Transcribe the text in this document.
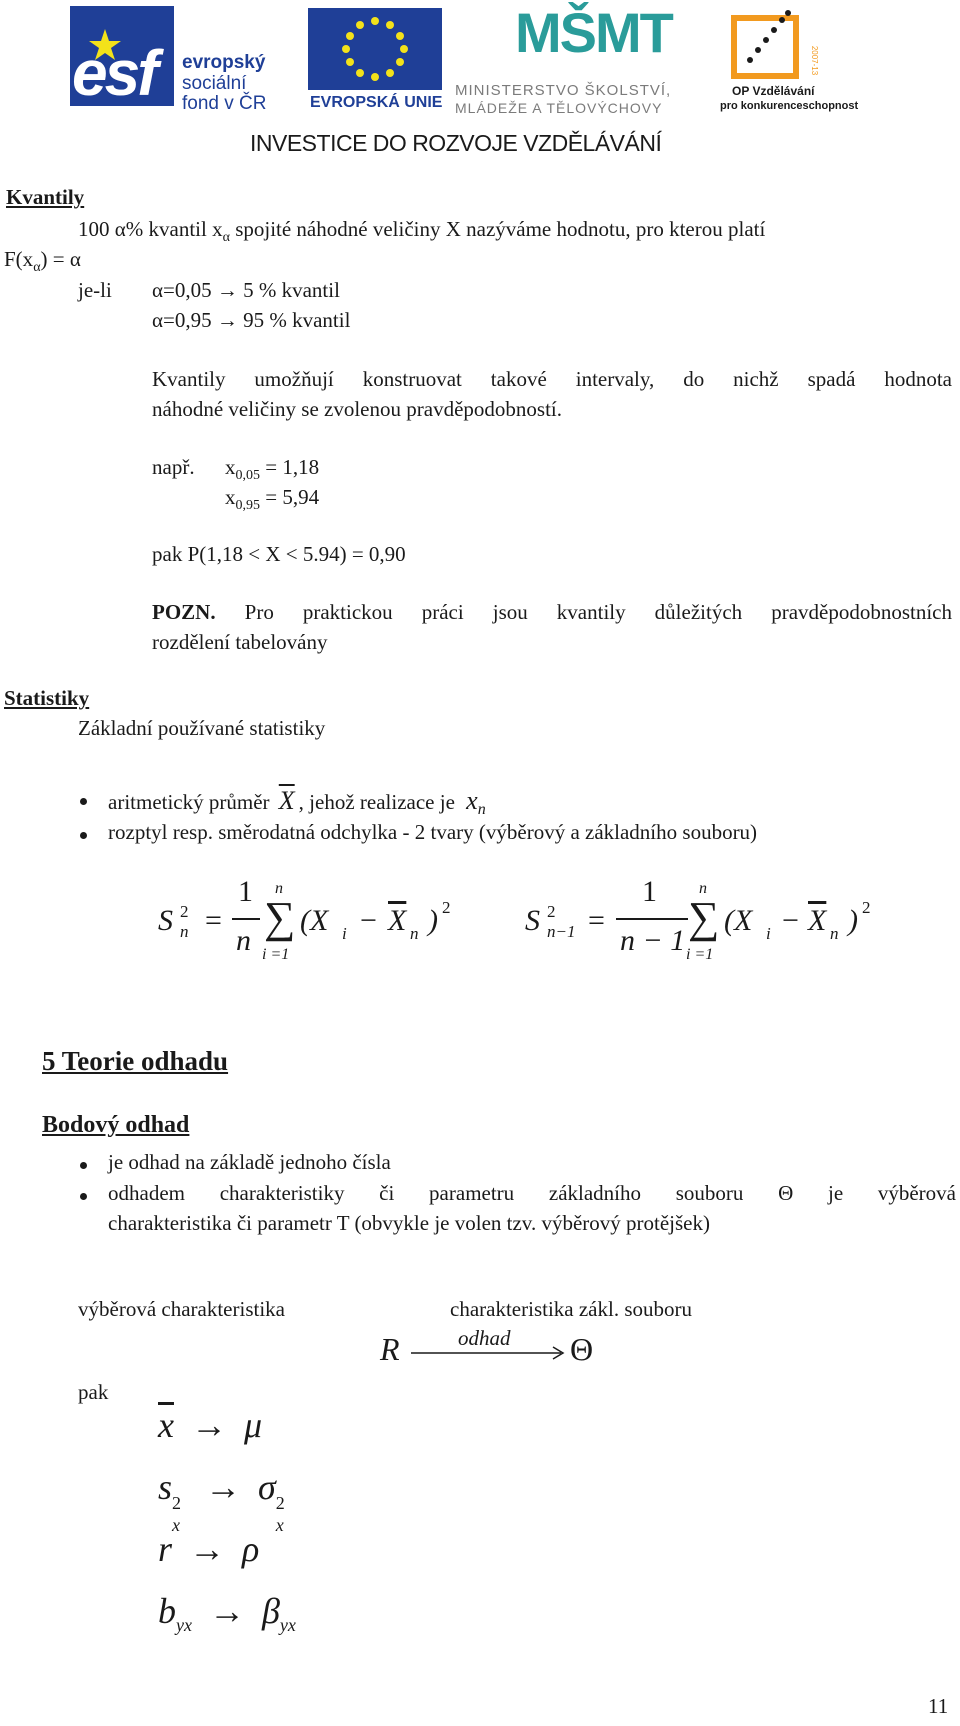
esf evropský
sociální
fond v ČR	EVROPSKÁ UNIE
MŠMT
MINISTERSTVO ŠKOLSTVÍ,
MLÁDEŽE A TĚLOVÝCHOVY
2007-13
OP Vzdělávání
pro konkurenceschopnost
INVESTICE DO ROZVOJE VZDĚLÁVÁNÍ
Kvantily
100 α% kvantil $x_\alpha$ spojité náhodné veličiny X nazýváme hodnotu, pro kterou platí
$F(x_\alpha) = \alpha$
je-li α=0,05 → 5 % kvantil
α=0,95 → 95 % kvantil
Kvantily umožňují konstruovat takové intervaly, do nichž spadá hodnota
náhodné veličiny se zvolenou pravděpodobností.
např. $x_{0,05} = 1,18$
$x_{0,95} = 5,94$
pak P(1,18 < X < 5.94) = 0,90
POZN. Pro praktickou práci jsou kvantily důležitých pravděpodobnostních
rozdělení tabelovány
Statistiky
Základní používané statistiky
aritmetický průměr $\overline{X}$ , jehož realizace je $x_n$
rozptyl resp. směrodatná odchylka - 2 tvary (výběrový a základního souboru)
S 2
n =
1
n
n
∑
i =1
(X $i - \overline{X}$ n ) 2 S 2
n−1 =
1
n − 1
n
∑
i =1
(X $i - \overline{X}$ n ) 2
5 Teorie odhadu
Bodový odhad
je odhad na základě jednoho čísla
odhadem charakteristiky či parametru základního souboru Θ je výběrová
charakteristika či parametr T (obvykle je volen tzv. výběrový protějšek)
výběrová charakteristika	charakteristika zákl. souboru
R	odhad Θ
pak
$\overline{x} \to \mu$
s 2
x
→ σ 2
x
r → ρ
$b_{yx} \to \beta_{yx}$
11
